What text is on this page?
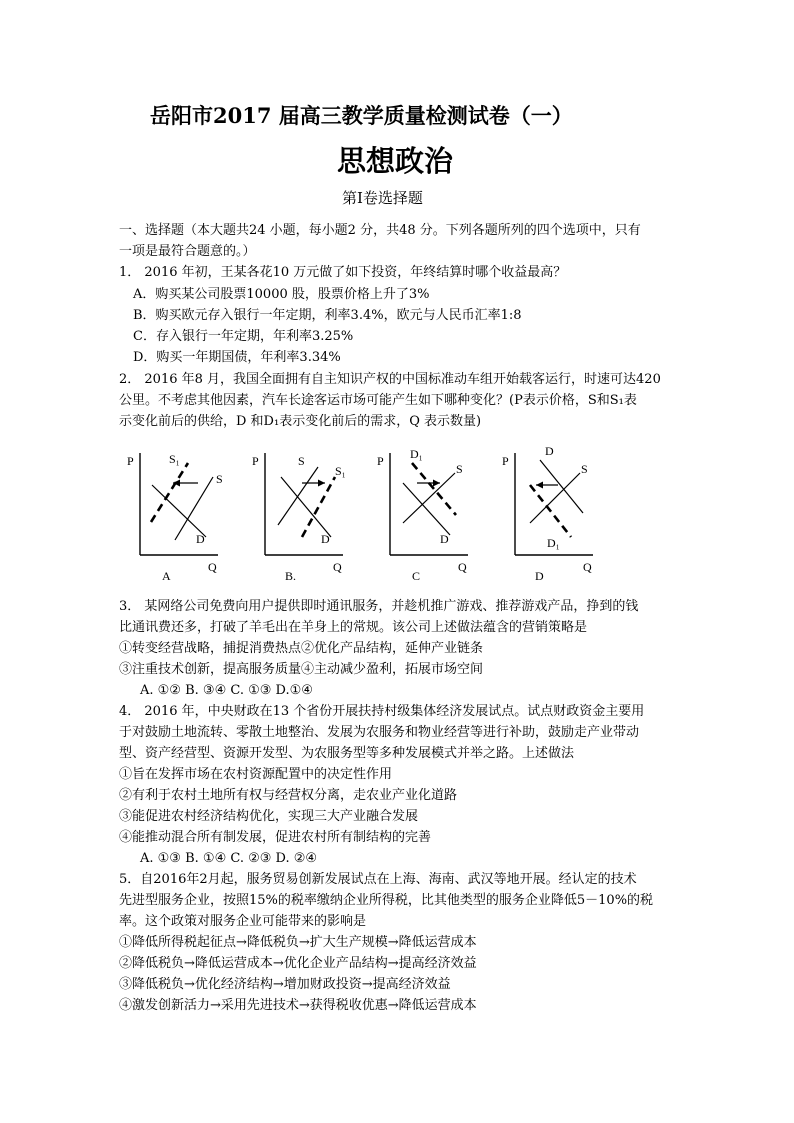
岳阳市2017 届高三教学质量检测试卷（一）
思想政治
第Ⅰ卷选择题
一、选择题（本大题共24 小题，每小题2 分，共48 分。下列各题所列的四个选项中，只有
一项是最符合题意的。）
1． 2016 年初，王某各花10 万元做了如下投资，年终结算时哪个收益最高？
A．购买某公司股票10000 股，股票价格上升了3%
B．购买欧元存入银行一年定期，利率3.4%，欧元与人民币汇率1:8
C．存入银行一年定期，年利率3.25%
D．购买一年期国债，年利率3.34%
2． 2016 年8 月，我国全面拥有自主知识产权的中国标准动车组开始载客运行，时速可达420
公里。不考虑其他因素，汽车长途客运市场可能产生如下哪种变化？(P表示价格，S和S₁表
示变化前后的供给，D 和D₁表示变化前后的需求，Q 表示数量)
P
Q
S
D
S₁
A
P
Q
S
D
S₁
B.
P
Q
S
D
D₁
C
P
Q
S
D
D₁
D
3． 某网络公司免费向用户提供即时通讯服务，并趁机推广游戏、推荐游戏产品，挣到的钱
比通讯费还多，打破了羊毛出在羊身上的常规。该公司上述做法蕴含的营销策略是
①转变经营战略，捕捉消费热点②优化产品结构，延伸产业链条
③注重技术创新，提高服务质量④主动减少盈利，拓展市场空间
A. ①② B. ③④ C. ①③ D.①④
4． 2016 年，中央财政在13 个省份开展扶持村级集体经济发展试点。试点财政资金主要用
于对鼓励土地流转、零散土地整治、发展为农服务和物业经营等进行补助，鼓励走产业带动
型、资产经营型、资源开发型、为农服务型等多种发展模式并举之路。上述做法
①旨在发挥市场在农村资源配置中的决定性作用
②有利于农村土地所有权与经营权分离，走农业产业化道路
③能促进农村经济结构优化，实现三大产业融合发展
④能推动混合所有制发展，促进农村所有制结构的完善
A. ①③ B. ①④ C. ②③ D. ②④
5．自2016年2月起，服务贸易创新发展试点在上海、海南、武汉等地开展。经认定的技术
先进型服务企业，按照15%的税率缴纳企业所得税，比其他类型的服务企业降低5－10%的税
率。这个政策对服务企业可能带来的影响是
①降低所得税起征点→降低税负→扩大生产规模→降低运营成本
②降低税负→降低运营成本→优化企业产品结构→提高经济效益
③降低税负→优化经济结构→增加财政投资→提高经济效益
④激发创新活力→采用先进技术→获得税收优惠→降低运营成本
